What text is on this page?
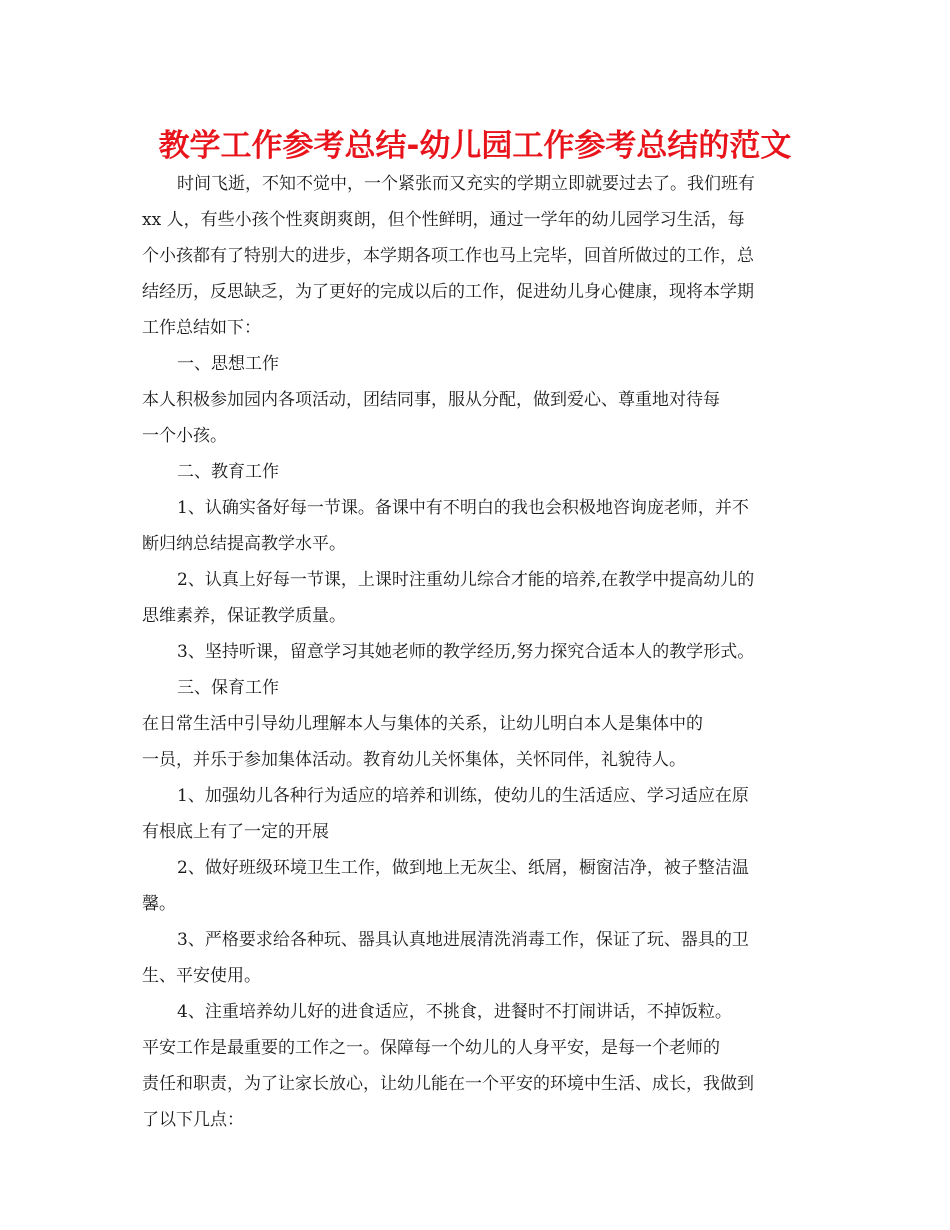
教学工作参考总结-幼儿园工作参考总结的范文
时间飞逝，不知不觉中，一个紧张而又充实的学期立即就要过去了。我们班有
xx 人，有些小孩个性爽朗爽朗，但个性鲜明，通过一学年的幼儿园学习生活，每
个小孩都有了特别大的进步，本学期各项工作也马上完毕，回首所做过的工作，总
结经历，反思缺乏，为了更好的完成以后的工作，促进幼儿身心健康，现将本学期
工作总结如下：
一、思想工作
本人积极参加园内各项活动，团结同事，服从分配，做到爱心、尊重地对待每
一个小孩。
二、教育工作
1、认确实备好每一节课。备课中有不明白的我也会积极地咨询庞老师，并不
断归纳总结提高教学水平。
2、认真上好每一节课，上课时注重幼儿综合才能的培养,在教学中提高幼儿的
思维素养，保证教学质量。
3、坚持听课，留意学习其她老师的教学经历,努力探究合适本人的教学形式。
三、保育工作
在日常生活中引导幼儿理解本人与集体的关系，让幼儿明白本人是集体中的
一员，并乐于参加集体活动。教育幼儿关怀集体，关怀同伴，礼貌待人。
1、加强幼儿各种行为适应的培养和训练，使幼儿的生活适应、学习适应在原
有根底上有了一定的开展
2、做好班级环境卫生工作，做到地上无灰尘、纸屑，橱窗洁净，被子整洁温
馨。
3、严格要求给各种玩、器具认真地进展清洗消毒工作，保证了玩、器具的卫
生、平安使用。
4、注重培养幼儿好的进食适应，不挑食，进餐时不打闹讲话，不掉饭粒。
平安工作是最重要的工作之一。保障每一个幼儿的人身平安，是每一个老师的
责任和职责，为了让家长放心，让幼儿能在一个平安的环境中生活、成长，我做到
了以下几点：
